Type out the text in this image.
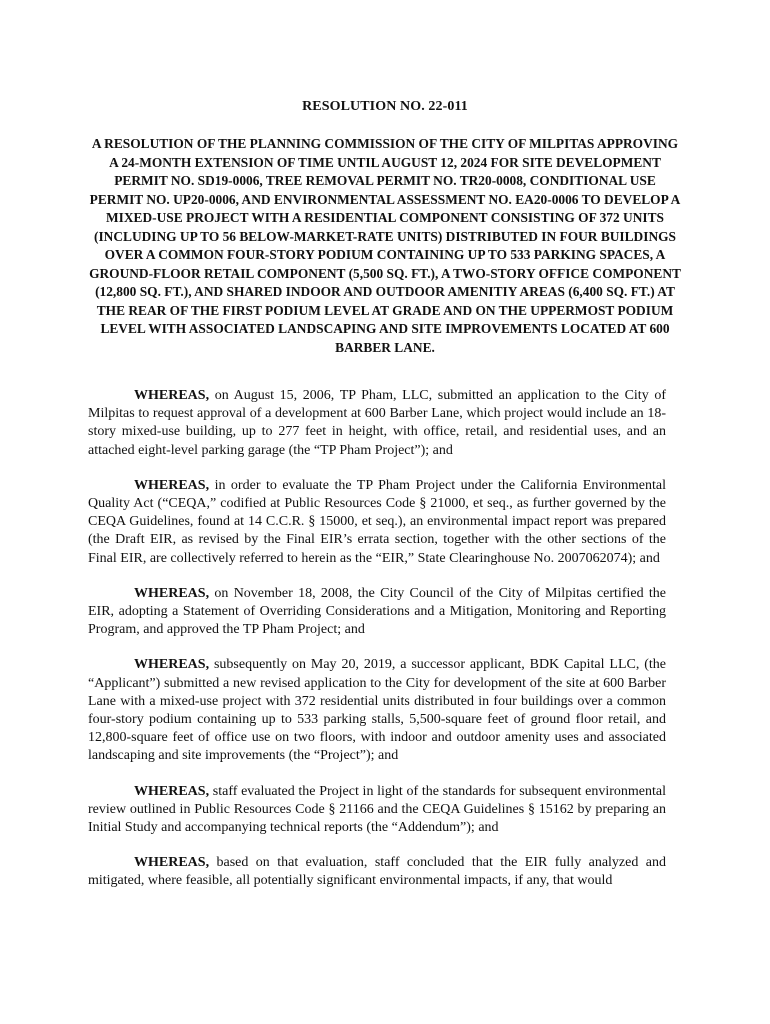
RESOLUTION NO. 22-011

A RESOLUTION OF THE PLANNING COMMISSION OF THE CITY OF MILPITAS APPROVING A 24-MONTH EXTENSION OF TIME UNTIL AUGUST 12, 2024 FOR SITE DEVELOPMENT PERMIT NO. SD19-0006, TREE REMOVAL PERMIT NO. TR20-0008, CONDITIONAL USE PERMIT NO. UP20-0006, AND ENVIRONMENTAL ASSESSMENT NO. EA20-0006 TO DEVELOP A MIXED-USE PROJECT WITH A RESIDENTIAL COMPONENT CONSISTING OF 372 UNITS (INCLUDING UP TO 56 BELOW-MARKET-RATE UNITS) DISTRIBUTED IN FOUR BUILDINGS OVER A COMMON FOUR-STORY PODIUM CONTAINING UP TO 533 PARKING SPACES, A GROUND-FLOOR RETAIL COMPONENT (5,500 SQ. FT.), A TWO-STORY OFFICE COMPONENT (12,800 SQ. FT.), AND SHARED INDOOR AND OUTDOOR AMENITIY AREAS (6,400 SQ. FT.) AT THE REAR OF THE FIRST PODIUM LEVEL AT GRADE AND ON THE UPPERMOST PODIUM LEVEL WITH ASSOCIATED LANDSCAPING AND SITE IMPROVEMENTS LOCATED AT 600 BARBER LANE.

WHEREAS, on August 15, 2006, TP Pham, LLC, submitted an application to the City of Milpitas to request approval of a development at 600 Barber Lane, which project would include an 18-story mixed-use building, up to 277 feet in height, with office, retail, and residential uses, and an attached eight-level parking garage (the “TP Pham Project”); and

WHEREAS, in order to evaluate the TP Pham Project under the California Environmental Quality Act (“CEQA,” codified at Public Resources Code § 21000, et seq., as further governed by the CEQA Guidelines, found at 14 C.C.R. § 15000, et seq.), an environmental impact report was prepared (the Draft EIR, as revised by the Final EIR’s errata section, together with the other sections of the Final EIR, are collectively referred to herein as the “EIR,” State Clearinghouse No. 2007062074); and

WHEREAS, on November 18, 2008, the City Council of the City of Milpitas certified the EIR, adopting a Statement of Overriding Considerations and a Mitigation, Monitoring and Reporting Program, and approved the TP Pham Project; and

WHEREAS, subsequently on May 20, 2019, a successor applicant, BDK Capital LLC, (the “Applicant”) submitted a new revised application to the City for development of the site at 600 Barber Lane with a mixed-use project with 372 residential units distributed in four buildings over a common four-story podium containing up to 533 parking stalls, 5,500-square feet of ground floor retail, and 12,800-square feet of office use on two floors, with indoor and outdoor amenity uses and associated landscaping and site improvements (the “Project”); and

WHEREAS, staff evaluated the Project in light of the standards for subsequent environmental review outlined in Public Resources Code § 21166 and the CEQA Guidelines § 15162 by preparing an Initial Study and accompanying technical reports (the “Addendum”); and

WHEREAS, based on that evaluation, staff concluded that the EIR fully analyzed and mitigated, where feasible, all potentially significant environmental impacts, if any, that would
